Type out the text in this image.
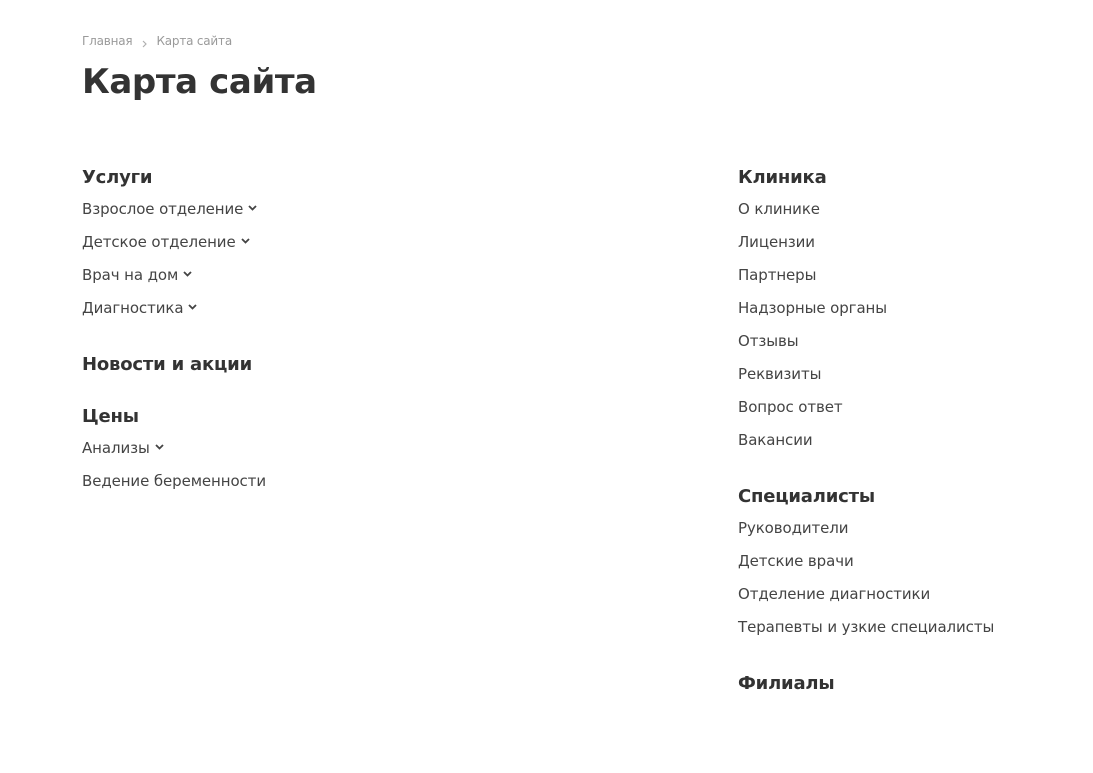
Главная Карта сайта
Карта сайта
Услуги
Взрослое отделение
Детское отделение
Врач на дом
Диагностика
Новости и акции
Цены
Анализы
Ведение беременности
Клиника
О клинике
Лицензии
Партнеры
Надзорные органы
Отзывы
Реквизиты
Вопрос ответ
Вакансии
Специалисты
Руководители
Детские врачи
Отделение диагностики
Терапевты и узкие специалисты
Филиалы
